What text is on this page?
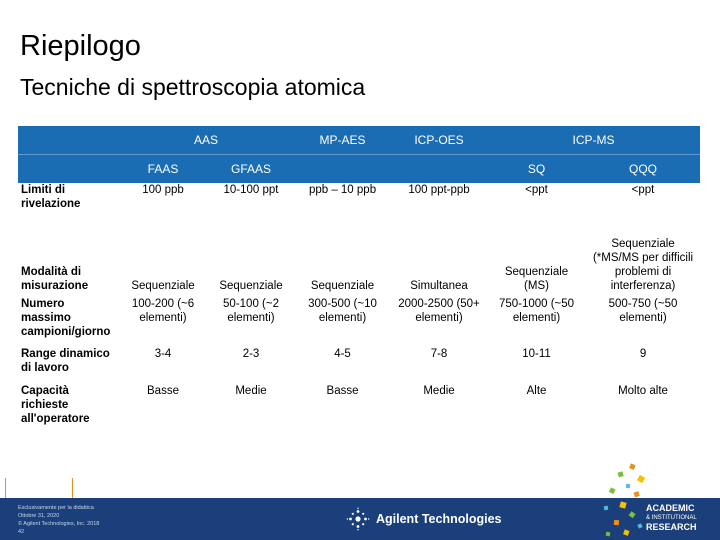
Riepilogo
Tecniche di spettroscopia atomica
	AAS		MP-AES	ICP-OES	ICP-MS	
	FAAS	GFAAS			SQ	QQQ
Limiti di rivelazione	100 ppb	10-100 ppt	ppb – 10 ppb	100 ppt-ppb	<ppt	<ppt
Modalità di misurazione	Sequenziale	Sequenziale	Sequenziale	Simultanea	Sequenziale (MS)	Sequenziale (*MS/MS per difficili problemi di interferenza)
Numero massimo campioni/giorno	100-200 (~6 elementi)	50-100 (~2 elementi)	300-500 (~10 elementi)	2000-2500 (50+ elementi)	750-1000 (~50 elementi)	500-750 (~50 elementi)
Range dinamico di lavoro	3-4	2-3	4-5	7-8	10-11	9
Capacità richieste all'operatore	Basse	Medie	Basse	Medie	Alte	Molto alte
Esclusivamente per la didattica
Ottobre 31, 2020
© Agilent Technologies, Inc. 2018
42
Agilent Technologies
ACADEMIC
& INSTITUTIONAL
RESEARCH
